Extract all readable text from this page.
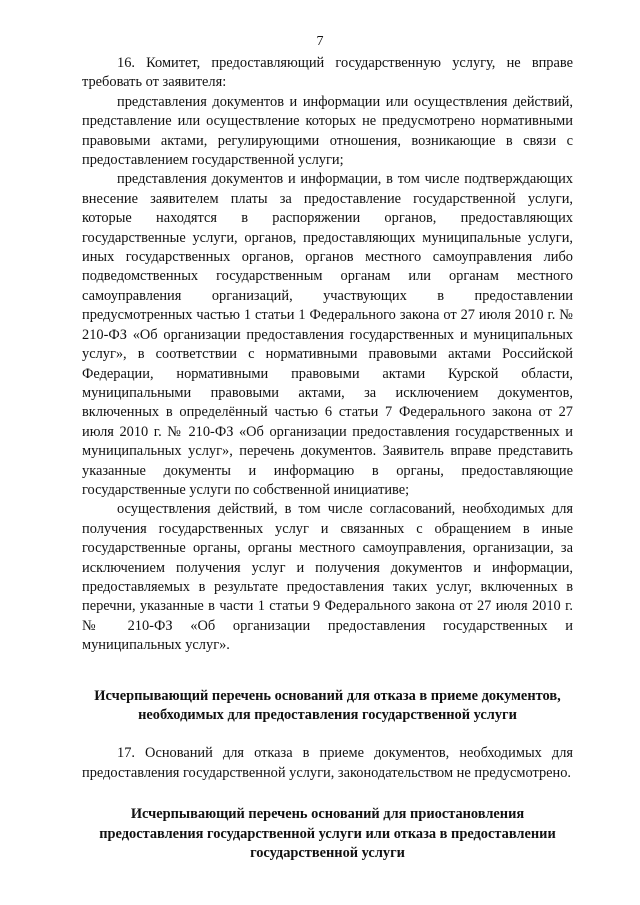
7

16. Комитет, предоставляющий государственную услугу, не вправе требовать от заявителя:

представления документов и информации или осуществления действий, представление или осуществление которых не предусмотрено нормативными правовыми актами, регулирующими отношения, возникающие в связи с предоставлением государственной услуги;

представления документов и информации, в том числе подтверждающих внесение заявителем платы за предоставление государственной услуги, которые находятся в распоряжении органов, предоставляющих государственные услуги, органов, предоставляющих муниципальные услуги, иных государственных органов, органов местного самоуправления либо подведомственных государственным органам или органам местного самоуправления организаций, участвующих в предоставлении предусмотренных частью 1 статьи 1 Федерального закона от 27 июля 2010 г. № 210-ФЗ «Об организации предоставления государственных и муниципальных услуг», в соответствии с нормативными правовыми актами Российской Федерации, нормативными правовыми актами Курской области, муниципальными правовыми актами, за исключением документов, включенных в определённый частью 6 статьи 7 Федерального закона от 27 июля 2010 г. № 210-ФЗ «Об организации предоставления государственных и муниципальных услуг», перечень документов. Заявитель вправе представить указанные документы и информацию в органы, предоставляющие государственные услуги по собственной инициативе;

осуществления действий, в том числе согласований, необходимых для получения государственных услуг и связанных с обращением в иные государственные органы, органы местного самоуправления, организации, за исключением получения услуг и получения документов и информации, предоставляемых в результате предоставления таких услуг, включенных в перечни, указанные в части 1 статьи 9 Федерального закона от 27 июля 2010 г. № 210-ФЗ «Об организации предоставления государственных и муниципальных услуг».

Исчерпывающий перечень оснований для отказа в приеме документов, необходимых для предоставления государственной услуги

17. Оснований для отказа в приеме документов, необходимых для предоставления государственной услуги, законодательством не предусмотрено.

Исчерпывающий перечень оснований для приостановления предоставления государственной услуги или отказа в предоставлении государственной услуги
